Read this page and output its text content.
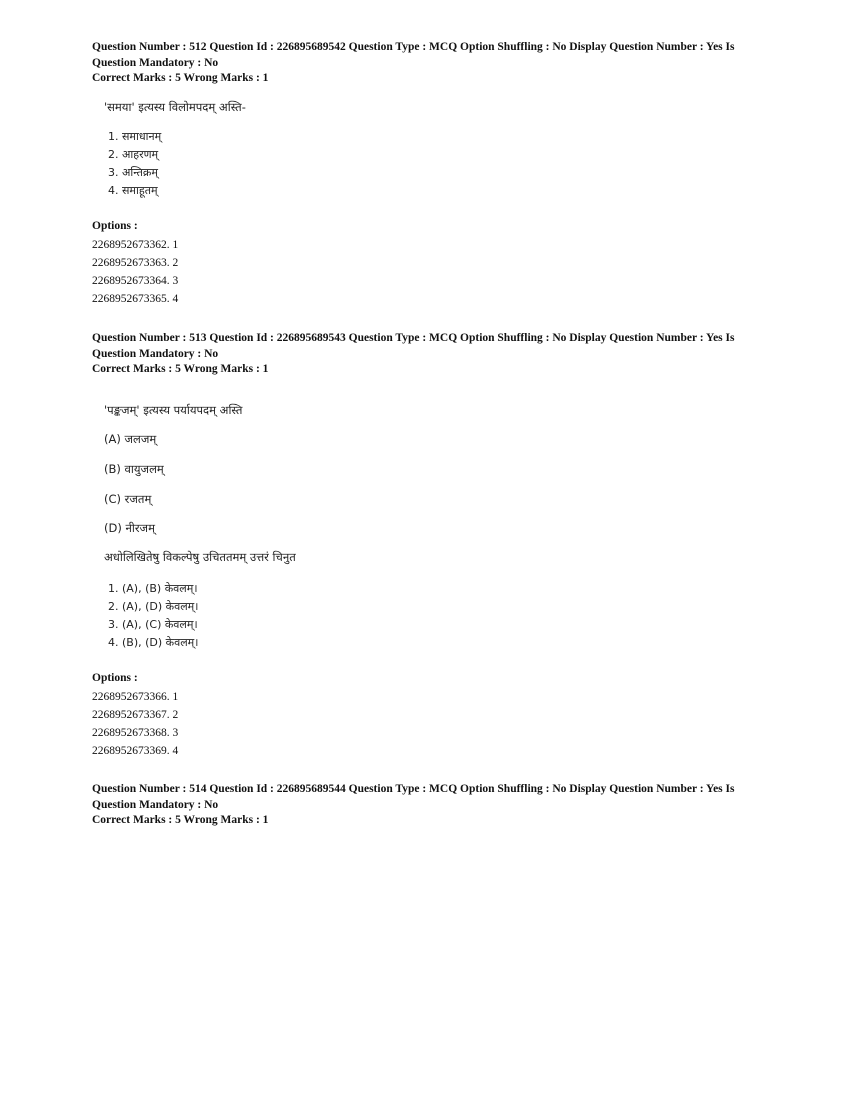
Question Number : 512 Question Id : 226895689542 Question Type : MCQ Option Shuffling : No Display Question Number : Yes Is
Question Mandatory : No
Correct Marks : 5 Wrong Marks : 1
'समया' इत्यस्य विलोमपदम् अस्ति-
1. समाधानम्
2. आहरणम्
3. अन्तिक्रम्
4. समाहूतम्
Options :
2268952673362. 1
2268952673363. 2
2268952673364. 3
2268952673365. 4
Question Number : 513 Question Id : 226895689543 Question Type : MCQ Option Shuffling : No Display Question Number : Yes Is
Question Mandatory : No
Correct Marks : 5 Wrong Marks : 1
'पङ्कजम्' इत्यस्य पर्यायपदम् अस्ति
(A) जलजम्
(B) वायुजलम्
(C) रजतम्
(D) नीरजम्
अधोलिखितेषु विकल्पेषु उचिततमम् उत्तरं चिनुत
1. (A), (B) केवलम्।
2. (A), (D) केवलम्।
3. (A), (C) केवलम्।
4. (B), (D) केवलम्।
Options :
2268952673366. 1
2268952673367. 2
2268952673368. 3
2268952673369. 4
Question Number : 514 Question Id : 226895689544 Question Type : MCQ Option Shuffling : No Display Question Number : Yes Is
Question Mandatory : No
Correct Marks : 5 Wrong Marks : 1
